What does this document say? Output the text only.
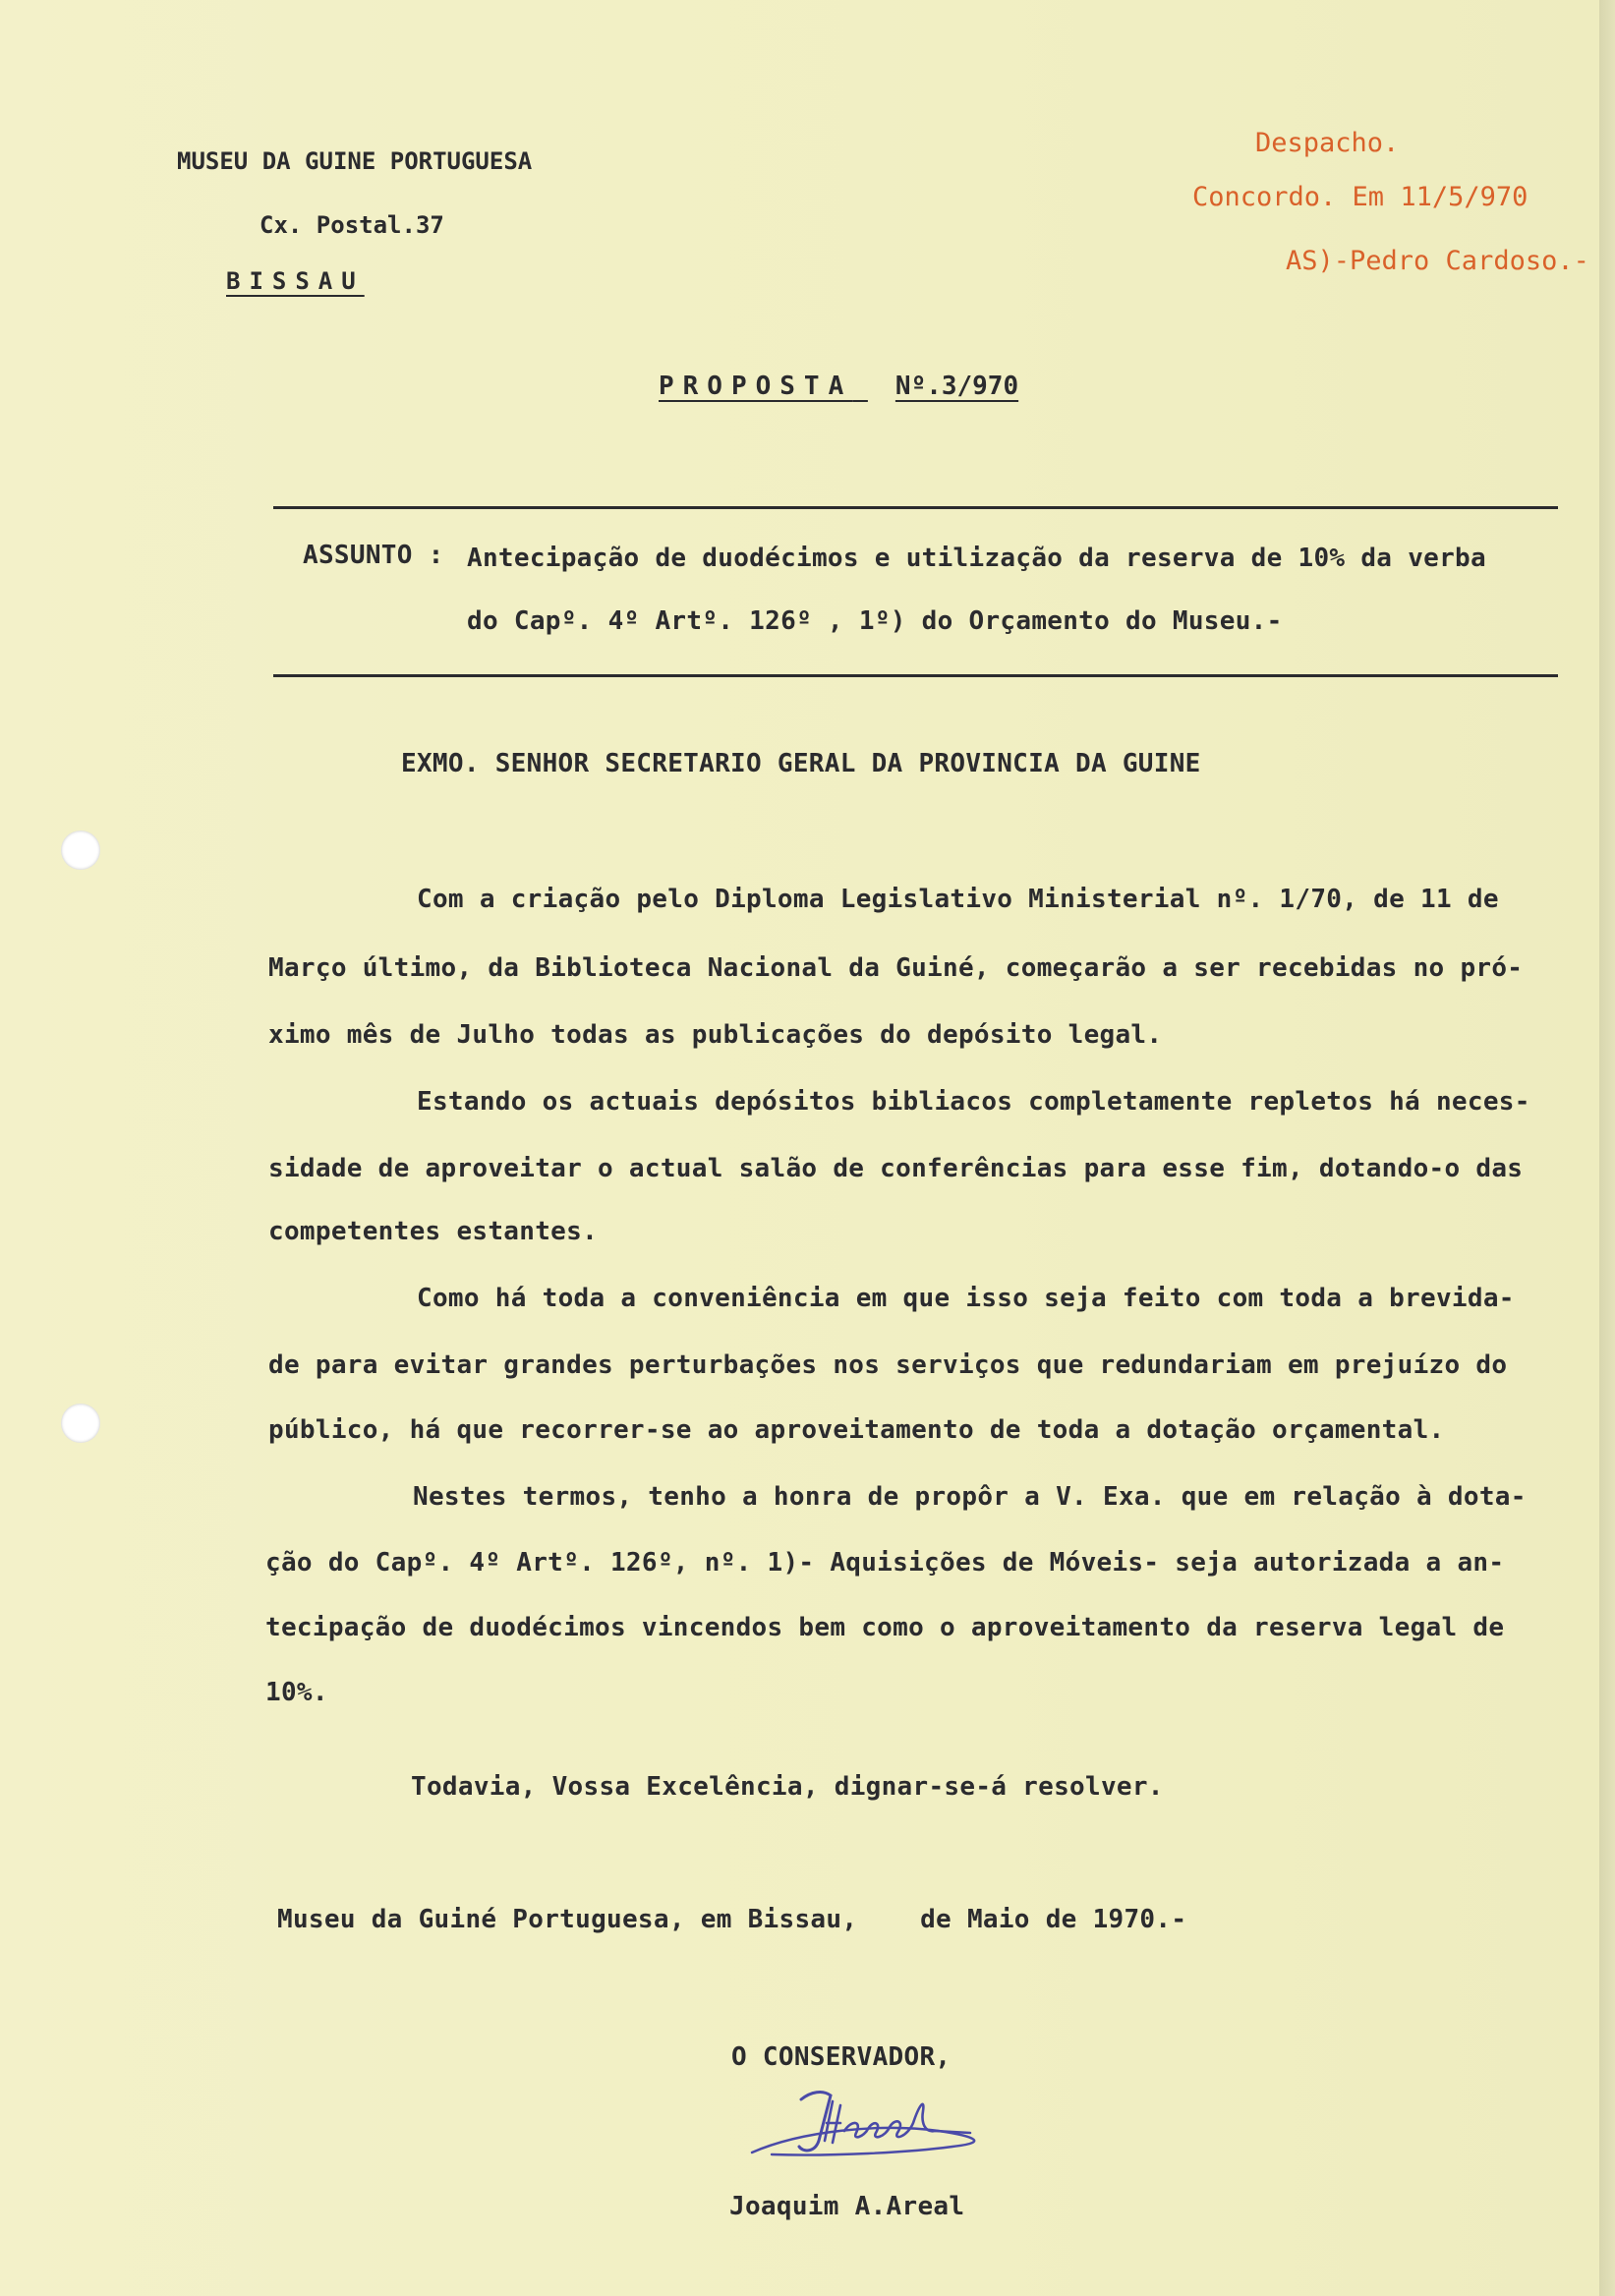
MUSEU DA GUINE PORTUGUESA
Cx. Postal.37
BISSAU
Despacho.
Concordo. Em 11/5/970
AS)-Pedro Cardoso.-
PROPOSTA Nº.3/970
ASSUNTO : Antecipação de duodécimos e utilização da reserva de 10% da verba
do Capº. 4º Artº. 126º , 1º) do Orçamento do Museu.-
EXMO. SENHOR SECRETARIO GERAL DA PROVINCIA DA GUINE
Com a criação pelo Diploma Legislativo Ministerial nº. 1/70, de 11 de
Março último, da Biblioteca Nacional da Guiné, começarão a ser recebidas no pró-
ximo mês de Julho todas as publicações do depósito legal.
Estando os actuais depósitos bibliacos completamente repletos há neces-
sidade de aproveitar o actual salão de conferências para esse fim, dotando-o das
competentes estantes.
Como há toda a conveniência em que isso seja feito com toda a brevida-
de para evitar grandes perturbações nos serviços que redundariam em prejuízo do
público, há que recorrer-se ao aproveitamento de toda a dotação orçamental.
Nestes termos, tenho a honra de propôr a V. Exa. que em relação à dota-
ção do Capº. 4º Artº. 126º, nº. 1)- Aquisições de Móveis- seja autorizada a an-
tecipação de duodécimos vincendos bem como o aproveitamento da reserva legal de
10%.
Todavia, Vossa Excelência, dignar-se-á resolver.
Museu da Guiné Portuguesa, em Bissau,    de Maio de 1970.-
O CONSERVADOR,
Joaquim A.Areal
